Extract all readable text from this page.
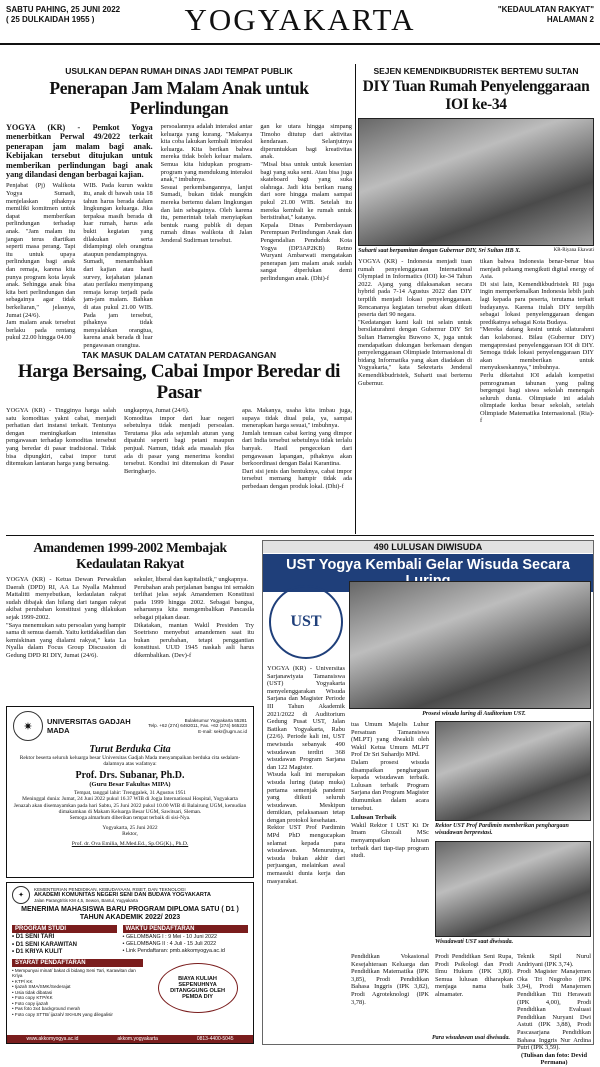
SABTU PAHING, 25 JUNI 2022
( 25 DULKAIDAH 1955 )	YOGYAKARTA	"KEDAULATAN RAKYAT"
HALAMAN 2
USULKAN DEPAN RUMAH DINAS JADI TEMPAT PUBLIK
Penerapan Jam Malam Anak untuk Perlindungan

YOGYA (KR) - Pemkot Yogya menerbitkan Perwal 49/2022 terkait penerapan jam malam bagi anak. Kebijakan tersebut ditujukan untuk memberikan perlindungan bagi anak yang dilandasi dengan berbagai kajian.

Penjabat (Pj) Walikota Yogya Sumadi, menjelaskan pihaknya memiliki komitmen untuk dapat memberikan perlindungan terhadap anak. "Jam malam itu jangan terus diartikan seperti masa perang. Tapi itu untuk upaya perlindungan bagi anak dan remaja, karena kita punya program kota layak anak. Sehingga anak bisa kita beri perlindungan dan sebagainya agar tidak berkeliaran," jelasnya, Jumat (24/6).

Jam malam anak tersebut berlaku pada rentang pukul 22.00 hingga 04.00

WIB. Pada kurun waktu itu, anak di bawah usia 18 tahun harus berada dalam lingkungan keluarga. Jika terpaksa masih berada di luar rumah, harus ada bukti kegiatan yang dilakukan serta didampingi oleh orangtua ataupun pendampingnya.

Sumadi, menambahkan dari kajian atau hasil survey, kejahatan jalanan atau perilaku menyimpang remaja kerap terjadi pada jam-jam malam. Bahkan di atas pukul 21.00 WIB. Pada jam tersebut, pihaknya tidak menyalahkan orangtua, karena anak berada di luar pengawasan orangtua.

persoalannya adalah interaksi antar keluarga yang kurang. "Makanya kita coba lakukan kembali interaksi keluarga. Kita berikan bahwa mereka tidak boleh keluar malam. Semua kita hidupkan program-program yang mendukung interaksi anak," imbuhnya.

Sesuai perkembangannya, lanjut Sumadi, bukan tidak mungkin mereka bertemu dalam lingkungan dan lain sebagainya. Oleh karena itu, pemerintah telah menyiapkan bentuk ruang publik di depan rumah dinas walikota di Jalan Jenderal Sudirman tersebut.

gan ke utara hingga simpang Timoho ditutup dari aktivitas kendaraan. Selanjutnya diperuntukkan bagi kreativitas anak.

"Misal bisa untuk untuk kesenian bagi yang suka seni. Atau bisa juga skateboard bagi yang suka olahraga. Jadi kita berikan ruang dari sore hingga malam sampai pukul 21.00 WIB. Setelah itu mereka kembali ke rumah untuk beristirahat," katanya.

Kepala Dinas Pemberdayaan Perempuan Perlindungan Anak dan Pengendalian Penduduk Kota Yogya (DP3AP2KB) Retno Wuryani Ambarwati mengatakan penerapan jam malam anak sudah sangat diperlukan demi perlindungan anak. (Dhi)-f

SEJEN KEMENDIKBUDRISTEK BERTEMU SULTAN
DIY Tuan Rumah Penyelenggaraan IOI ke-34
Suharti saat berpamitan dengan Gubernur DIY, Sri Sultan HB X.	KR-Riyana Ekawati

YOGYA (KR) - Indonesia menjadi tuan rumah penyelenggaraan International Olympiad in Informatics (IOI) ke-34 Tahun 2022. Ajang yang dilaksanakan secara hybrid pada 7-14 Agustus 2022 dan DIY terpilih menjadi lokasi penyelenggaraan. Rencananya kegiatan tersebut akan diikuti peserta dari 90 negara.

"Kedatangan kami kali ini selain untuk bersilaturahmi dengan Gubernur DIY Sri Sultan Hamengku Buwono X, juga untuk mendapatkan dukungan berkenaan dengan penyelenggaraan Olimpiade Internasional di bidang Informatika yang akan diadakan di Yogyakarta," kata Sekretaris Jenderal Kemendikbudristek, Suharti usai bertemu Gubernur.

tikan bahwa Indonesia benar-benar bisa menjadi peluang mengikuti digital energy of Asia.

Di sisi lain, Kemendikbudristek RI juga ingin memperkenalkan Indonesia lebih jauh lagi kepada para peserta, terutama terkait budayanya. Karena itulah DIY terpilih sebagai lokasi penyelenggaraan dengan predikatnya sebagai Kota Budaya.

"Mereka datang kesini untuk silaturahmi dan kolaborasi. Bilau (Gubernur DIY) mengapresiasi penyelenggaraan IOI di DIY. Semoga tidak lokasi penyelenggaraan DIY akan memberikan untuk menyukseskannya," imbuhnya.

Perlu diketahui IOI adalah kompetisi pemrograman tahunan yang paling bergengsi bagi siswa sekolah menengah seluruh dunia. Olimpiade ini adalah olimpiade kedua besar sekolah, setelah Olimpiade Matematika Internasional. (Ria)-f

TAK MASUK DALAM CATATAN PERDAGANGAN
Harga Bersaing, Cabai Impor Beredar di Pasar

YOGYA (KR) - Tingginya harga salah satu komoditas yakni cabai, menjadi perhatian dari instansi terkait. Tentunya dengan meningkatkan intensitas pengawasan terhadap komoditas tersebut yang beredar di pasar tradisional. Tidak bisa dipungkiri, cabai impor turut ditemukan lantaran harga yang bersaing.

ungkapnya, Jumat (24/6).

Komoditas impor dari luar negeri sebetulnya tidak menjadi persoalan. Terutama jika ada sejumlah aturan yang dipatuhi seperti bagi petani maupun penjual. Namun, tidak ada masalah jika ada di pasar yang menerima kondisi tersebut. Kondisi ini ditemukan di Pasar Beringharjo.

apa. Makanya, usaha kita imbau juga, supaya tidak diual pula, ya, sampai menerapkan harga sesuai," imbuhnya.

Jumlah temuan cabai kering yang dimpor dari India tersebut sebetulnya tidak terlalu banyak. Hasil pengecekan dari pengawasan lapangan, pihaknya akan berkoordinasi dengan Balai Karantina.

Dari sisi jenis dan bentuknya, cabai impor tersebut memang hampir tidak ada perbedaan dengan produk lokal. (Dhi)-f

Amandemen 1999-2002 Membajak Kedaulatan Rakyat

YOGYA (KR) - Ketua Dewan Perwakilan Daerah (DPD) RI, AA La Nyalla Mahmud Mattalitti menyebutkan, kedaulatan rakyat sudah dibajak dan hilang dari tangan rakyat akibat perubahan konstitusi yang dilakukan sejak 1999-2002.

"Saya menemukan satu persoalan yang hampir sama di semua daerah. Yaitu ketidakadilan dan kemiskinan yang dialami rakyat," kata La Nyalla dalam Focus Group Discussion di Gedung DPD RI DIY, Jumat (24/6).

sekuler, liberal dan kapitalistik," ungkapnya.

Perubahan arah perjalanan bangsa ini semakin terlihat jelas sejak Amandemen Konstitusi pada 1999 hingga 2002. Sebagai bangsa, seharusnya kita mengembalikan Pancasila sebagai pijakan dasar.

Dikatakan, mantan Wakil Presiden Try Soetrisno menyebut amandemen saat itu bukan perubahan, tetapi penggantian konstitusi. UUD 1945 naskah asli harus dikembalikan. (Dev)-f

✷	UNIVERSITAS GADJAH MADA
Bulaksumur Yogyakarta 55281
Telp. +62 (274) 6492011, Fax. +62 (274) 565223
E-mail: sekr@ugm.ac.id
Turut Berduka Cita
Rektor beserta seluruh keluarga besar Universitas Gadjah Mada menyampaikan berduka cita sedalam-dalamnya atas wafatnya:
Prof. Drs. Subanar, Ph.D.
(Guru Besar Fakultas MIPA)
Tempat, tanggal lahir: Trenggalek, 31 Agustus 1951
Meninggal dunia: Jumat, 24 Juni 2022 pukul 16.37 WIB di Jogja International Hospital, Yogyakarta
Jenazah akan disemayamkan pada hari Sabtu, 25 Juni 2022 pukul 10.00 WIB di Balairung UGM, kemudian dimakamkan di Makam Keluarga Besar UGM, Sawitsari, Sleman.
Semoga almarhum diberikan tempat terbaik di sisi-Nya.
Yogyakarta, 25 Juni 2022
Rektor,
Prof. dr. Ova Emilia, M.Med.Ed., Sp.OG(K)., Ph.D.
✦
KEMENTERIAN PENDIDIKAN, KEBUDAYAAN, RISET, DAN TEKNOLOGI
AKADEMI KOMUNITAS NEGERI SENI DAN BUDAYA YOGYAKARTA
Jalan Parangtritis KM 4,5, Sewon, Bantul, Yogyakarta
MENERIMA MAHASISWA BARU PROGRAM DIPLOMA SATU ( D1 ) TAHUN AKADEMIK 2022/ 2023
PROGRAM STUDI
• D1 SENI TARI
• D1 SENI KARAWITAN
• D1 KRIYA KULIT
WAKTU PENDAFTARAN
• GELOMBANG I : 9 Mei - 10 Juni 2022
• GELOMBANG II : 4 Juli - 15 Juli 2022
• Link Pendaftaran: pmb.akkomyogya.ac.id
SYARAT PENDAFTARAN
• Mempunyai minat/ bakat di bidang Seni Tari, Karawitan dan Kriya
• KTP/ KK
• Ijazah SMA/SMK/Sederajat
• Usia tidak dibatasi
• Foto copy KTP/KK
• Foto copy ijazah
• Pas foto 3x4 background merah
• Foto copy STTB/ ijazah/ SKHUN yang dilegalisir
BIAYA KULIAH SEPENUHNYA DITANGGUNG OLEH PEMDA DIY
www.akkomyogya.ac.id	akkom.yogyakarta	0813-4400-5045
490 LULUSAN DIWISUDA
UST Yogya Kembali Gelar Wisuda Secara
Prosesi wisuda luring di Auditorium UST.
UST

YOGYA (KR) - Universitas Sarjanawiyata Tamansiswa (UST) Yogyakarta menyelenggarakan Wisuda Sarjana dan Magister Periode III Tahun Akademik 2021/2022 di Auditorium Gedung Pusat UST, Jalan Batikan Yogyakarta, Rabu (22/6). Periode kali ini, UST mewisuda sebanyak 490 wisudawan terdiri 368 wisudawan Program Sarjana dan 122 Magister.

Wisuda kali ini merupakan wisuda luring (tatap muka) pertama semenjak pandemi yang diikuti seluruh wisudawan. Meskipun demikian, pelaksanaan tetap dengan protokol kesehatan.

Rektor UST Prof Pardimin MPd PhD mengucapkan selamat kepada para wisudawan. Menurutnya, wisuda bukan akhir dari perjuangan, melainkan awal memasuki dunia kerja dan masyarakat.

tua Umum Majelis Luhur Persatuan Tamansiswa (MLPT) yang diwakili oleh Wakil Ketua Umum MLPT Prof Dr Sri Suhardjo MPd.

Dalam prosesi wisuda disampaikan penghargaan kepada wisudawan terbaik. Lulusan terbaik Program Sarjana dan Program Magister diumumkan dalam acara tersebut.

Lulusan Terbaik

Wakil Rektor I UST Ki Dr Imam Ghozali MSc menyampaikan lulusan terbaik dari tiap-tiap program studi.

Rektor UST Prof Pardimin memberikan penghargaan wisudawan berprestasi.
Wisudawati UST saat diwisuda.

Pendidikan Vokasional Kesejahteraan Keluarga dan Pendidikan Matematika (IPK 3,85), Prodi Pendidikan Bahasa Inggris (IPK 3,82), Prodi Agroteknologi (IPK 3,78).

Prodi Pendidikan Seni Rupa, Prodi Psikologi dan Prodi Ilmu Hukum (IPK 3,80). Semua lulusan diharapkan menjaga nama baik almamater.

Teknik Sipil Nurul Andriyani (IPK 3,74).

Prodi Magister Manajemen Oka Tri Nugroho (IPK 3,94), Prodi Manajemen Pendidikan Titi Herawati (IPK 4,00), Prodi Pendidikan Evaluasi Pendidikan Nuryani Dwi Astuti (IPK 3,88), Prodi Pascasarjana Pendidikan Bahasa Inggris Nur Ardina Putri (IPK 3,59).

(Tulisan dan foto: Devid Permana)

Para wisudawan usai diwisuda.
